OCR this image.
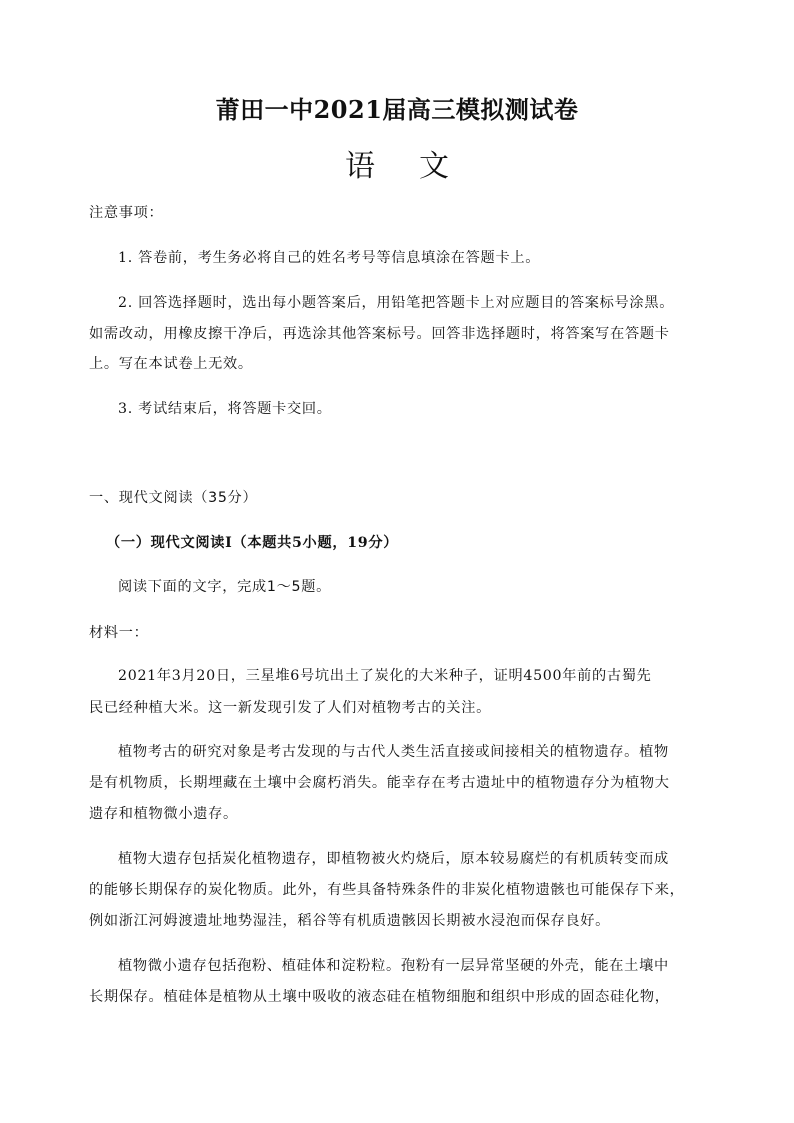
莆田一中2021届高三模拟测试卷
语文
注意事项：
1. 答卷前，考生务必将自己的姓名考号等信息填涂在答题卡上。
2. 回答选择题时，选出每小题答案后，用铅笔把答题卡上对应题目的答案标号涂黑。
如需改动，用橡皮擦干净后，再选涂其他答案标号。回答非选择题时，将答案写在答题卡
上。写在本试卷上无效。
3. 考试结束后，将答题卡交回。
一、现代文阅读（35分）
（一）现代文阅读Ⅰ（本题共5小题，19分）
阅读下面的文字，完成1～5题。
材料一：
2021年3月20日，三星堆6号坑出土了炭化的大米种子，证明4500年前的古蜀先
民已经种植大米。这一新发现引发了人们对植物考古的关注。
植物考古的研究对象是考古发现的与古代人类生活直接或间接相关的植物遗存。植物
是有机物质，长期埋藏在土壤中会腐朽消失。能幸存在考古遗址中的植物遗存分为植物大
遗存和植物微小遗存。
植物大遗存包括炭化植物遗存，即植物被火灼烧后，原本较易腐烂的有机质转变而成
的能够长期保存的炭化物质。此外，有些具备特殊条件的非炭化植物遗骸也可能保存下来，
例如浙江河姆渡遗址地势湿洼，稻谷等有机质遗骸因长期被水浸泡而保存良好。
植物微小遗存包括孢粉、植硅体和淀粉粒。孢粉有一层异常坚硬的外壳，能在土壤中
长期保存。植硅体是植物从土壤中吸收的液态硅在植物细胞和组织中形成的固态硅化物，
